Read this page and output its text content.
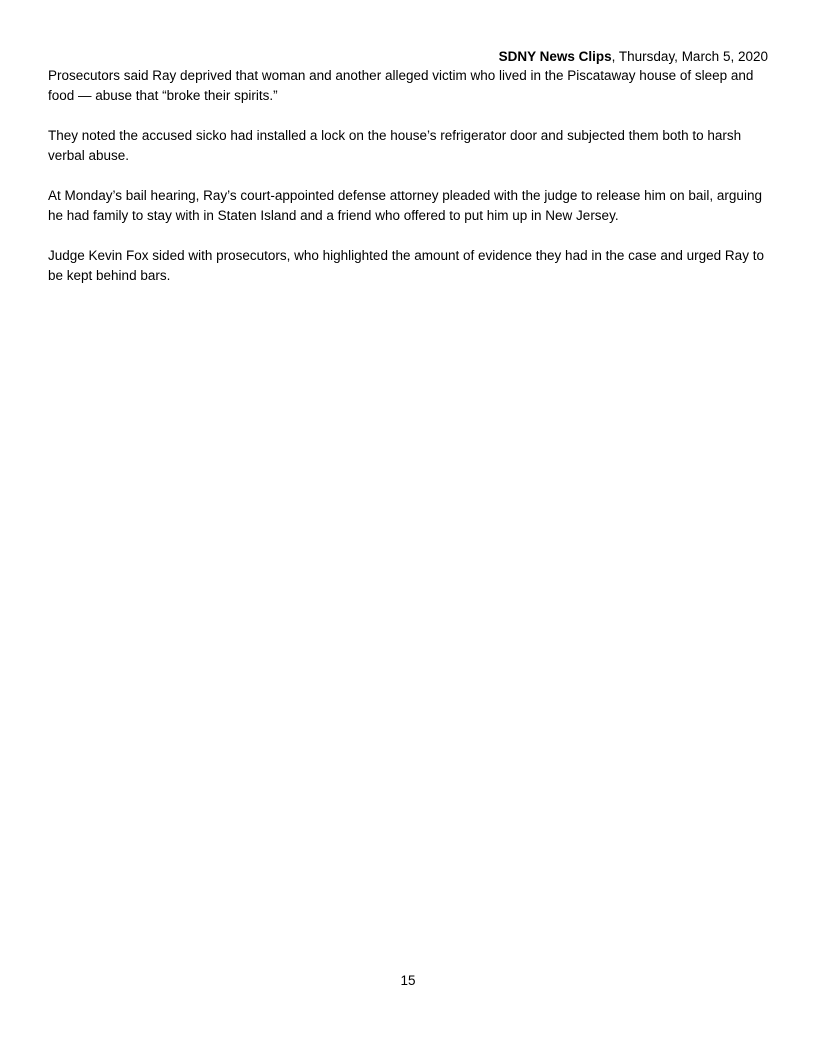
SDNY News Clips, Thursday, March 5, 2020

Prosecutors said Ray deprived that woman and another alleged victim who lived in the Piscataway house of sleep and food — abuse that “broke their spirits.”

They noted the accused sicko had installed a lock on the house’s refrigerator door and subjected them both to harsh verbal abuse.

At Monday’s bail hearing, Ray’s court-appointed defense attorney pleaded with the judge to release him on bail, arguing he had family to stay with in Staten Island and a friend who offered to put him up in New Jersey.

Judge Kevin Fox sided with prosecutors, who highlighted the amount of evidence they had in the case and urged Ray to be kept behind bars.

15
